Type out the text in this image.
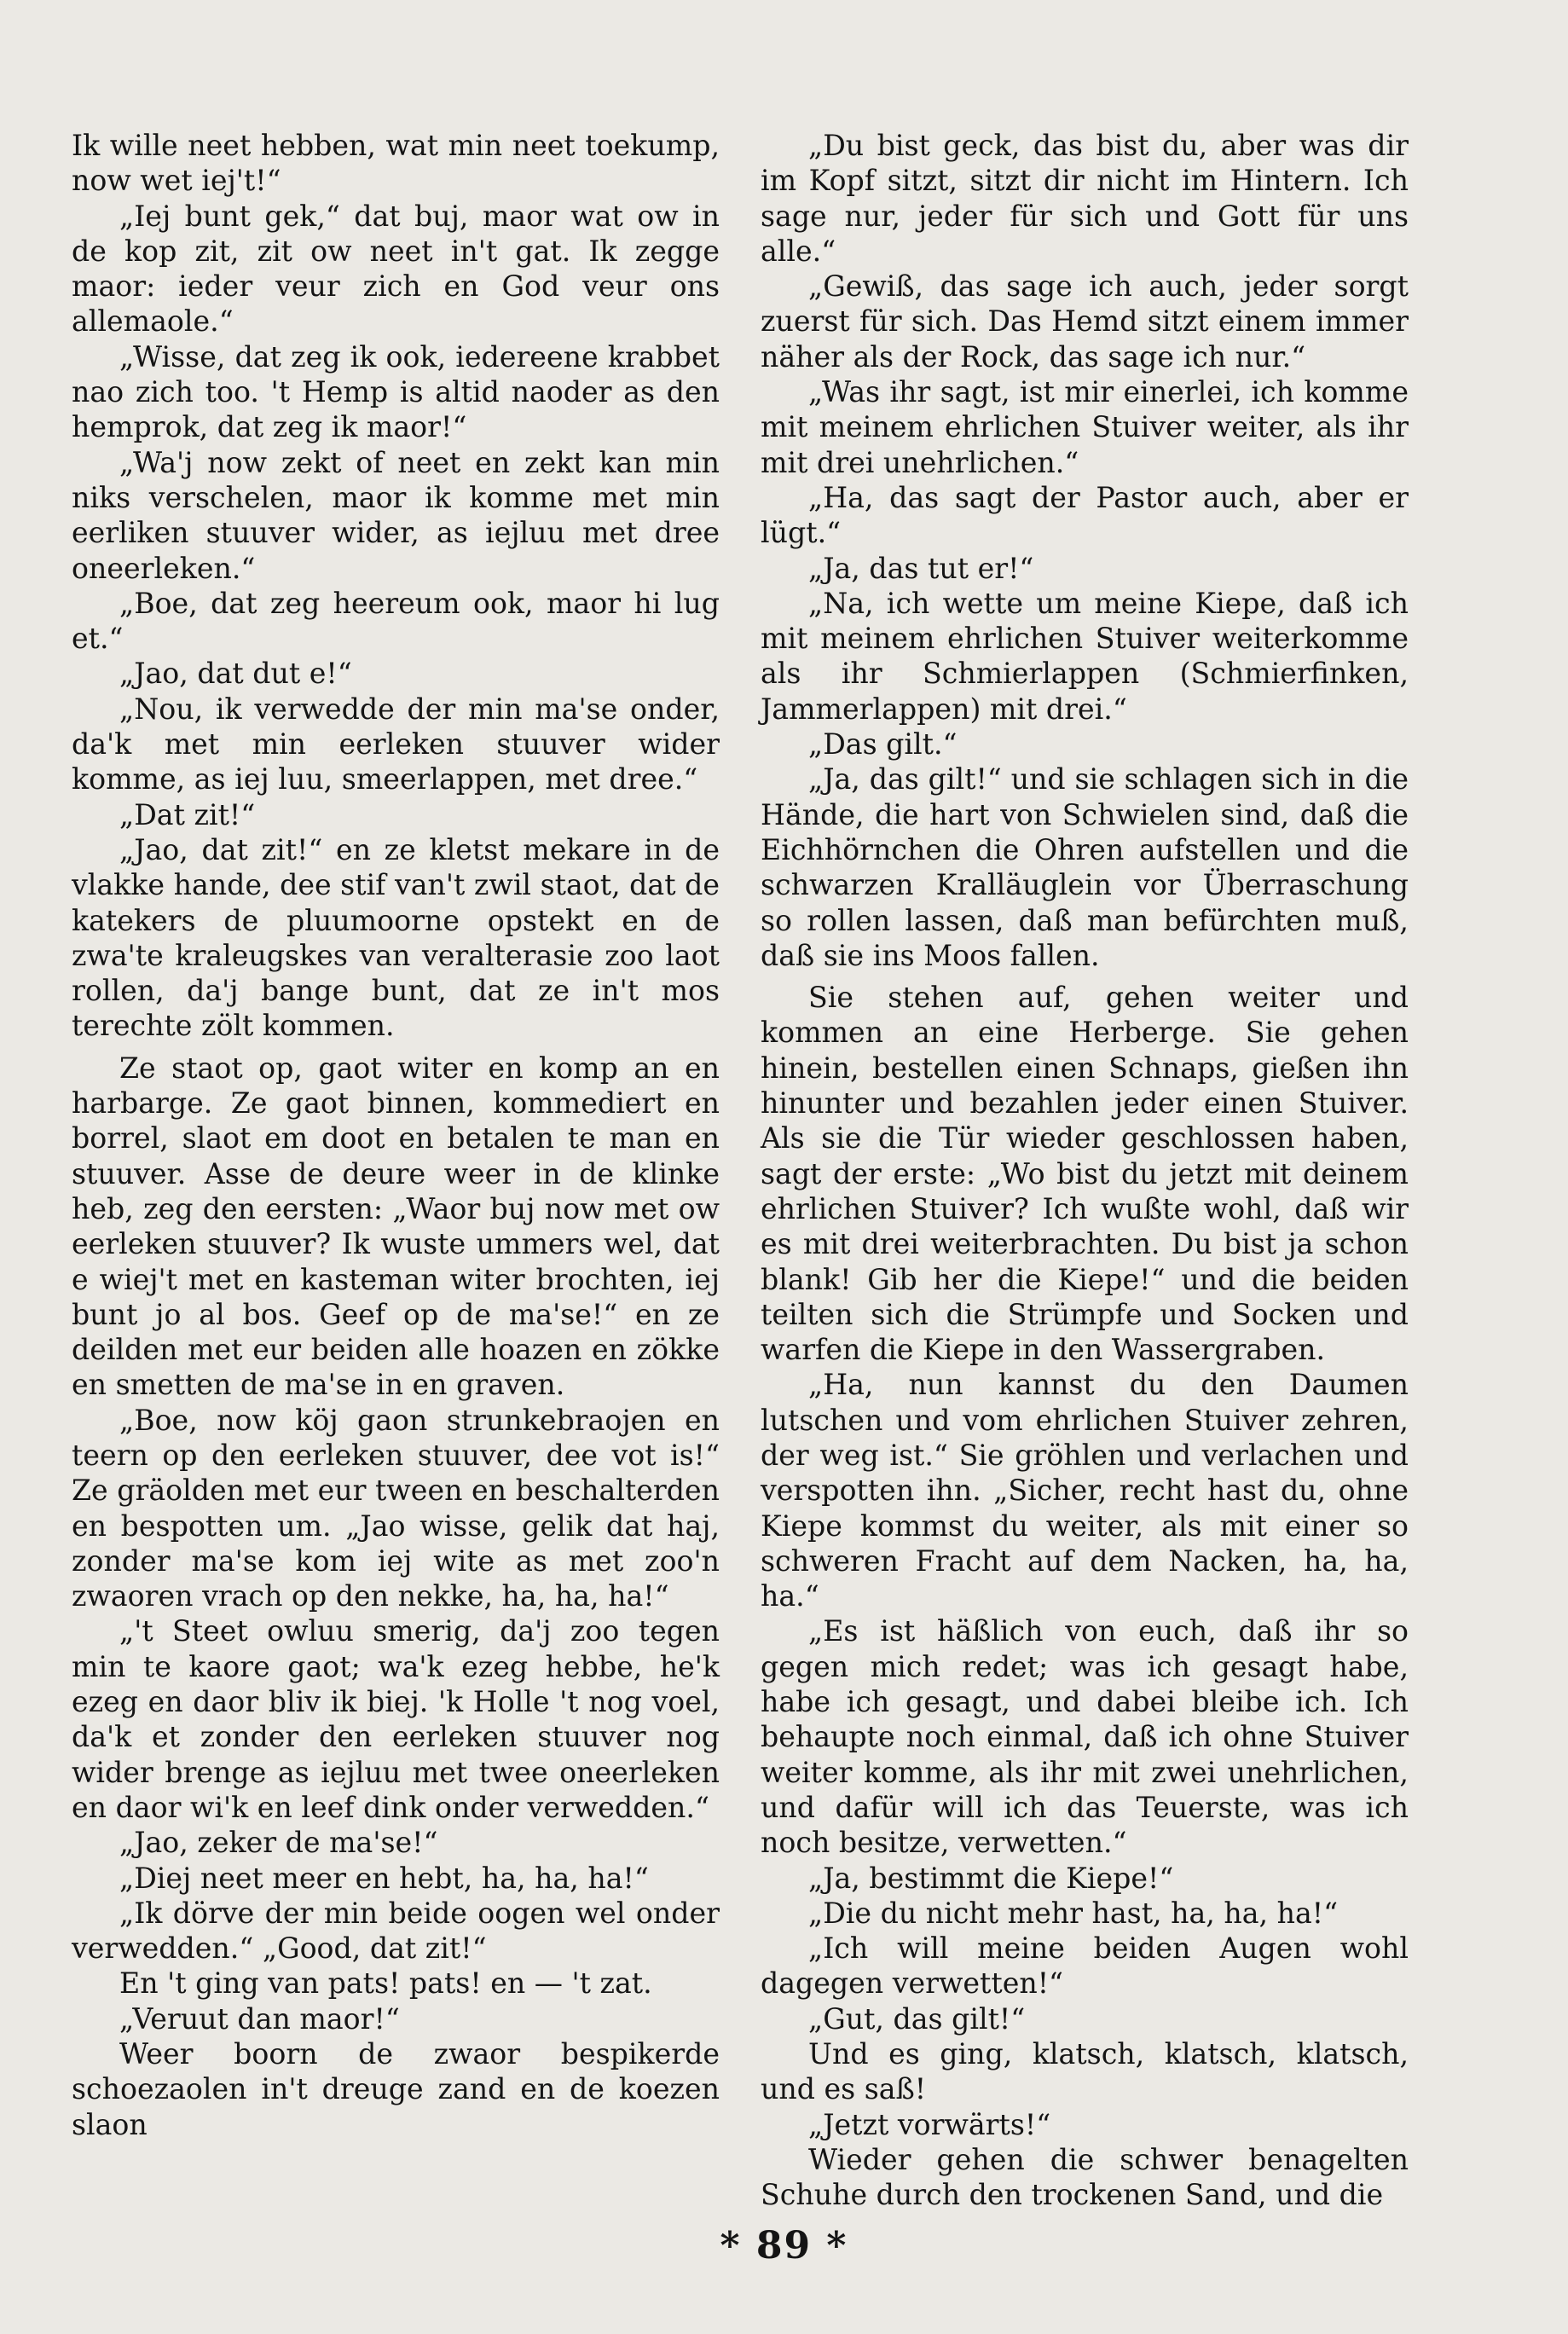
Ik wille neet hebben, wat min neet toekump, now wet iej't!“

„Iej bunt gek,“ dat buj, maor wat ow in de kop zit, zit ow neet in't gat. Ik zegge maor: ieder veur zich en God veur ons allemaole.“

„Wisse, dat zeg ik ook, iedereene krabbet nao zich too. 't Hemp is altid naoder as den hemprok, dat zeg ik maor!“

„Wa'j now zekt of neet en zekt kan min niks verschelen, maor ik komme met min eerliken stuuver wider, as iejluu met dree oneerleken.“

„Boe, dat zeg heereum ook, maor hi lug et.“

„Jao, dat dut e!“

„Nou, ik verwedde der min ma'se onder, da'k met min eerleken stuuver wider komme, as iej luu, smeerlappen, met dree.“

„Dat zit!“

„Jao, dat zit!“ en ze kletst mekare in de vlakke hande, dee stif van't zwil staot, dat de katekers de pluumoorne opstekt en de zwa'te kraleugskes van veralterasie zoo laot rollen, da'j bange bunt, dat ze in't mos terechte zölt kommen.

Ze staot op, gaot witer en komp an en harbarge. Ze gaot binnen, kommediert en borrel, slaot em doot en betalen te man en stuuver. Asse de deure weer in de klinke heb, zeg den eersten: „Waor buj now met ow eerleken stuuver? Ik wuste ummers wel, dat e wiej't met en kasteman witer brochten, iej bunt jo al bos. Geef op de ma'se!“ en ze deilden met eur beiden alle hoazen en zökke en smetten de ma'se in en graven.

„Boe, now köj gaon strunkebraojen en teern op den eerleken stuuver, dee vot is!“ Ze gräolden met eur tween en beschalterden en bespotten um. „Jao wisse, gelik dat haj, zonder ma'se kom iej wite as met zoo'n zwaoren vrach op den nekke, ha, ha, ha!“

„'t Steet owluu smerig, da'j zoo tegen min te kaore gaot; wa'k ezeg hebbe, he'k ezeg en daor bliv ik biej. 'k Holle 't nog voel, da'k et zonder den eerleken stuuver nog wider brenge as iejluu met twee oneerleken en daor wi'k en leef dink onder verwedden.“

„Jao, zeker de ma'se!“

„Diej neet meer en hebt, ha, ha, ha!“

„Ik dörve der min beide oogen wel onder verwedden.“ „Good, dat zit!“

En 't ging van pats! pats! en — 't zat.

„Veruut dan maor!“

Weer boorn de zwaor bespikerde schoezaolen in't dreuge zand en de koezen slaon

„Du bist geck, das bist du, aber was dir im Kopf sitzt, sitzt dir nicht im Hintern. Ich sage nur, jeder für sich und Gott für uns alle.“

„Gewiß, das sage ich auch, jeder sorgt zuerst für sich. Das Hemd sitzt einem immer näher als der Rock, das sage ich nur.“

„Was ihr sagt, ist mir einerlei, ich komme mit meinem ehrlichen Stuiver weiter, als ihr mit drei unehrlichen.“

„Ha, das sagt der Pastor auch, aber er lügt.“

„Ja, das tut er!“

„Na, ich wette um meine Kiepe, daß ich mit meinem ehrlichen Stuiver weiterkomme als ihr Schmierlappen (Schmierfinken, Jammerlappen) mit drei.“

„Das gilt.“

„Ja, das gilt!“ und sie schlagen sich in die Hände, die hart von Schwielen sind, daß die Eichhörnchen die Ohren aufstellen und die schwarzen Kralläuglein vor Überraschung so rollen lassen, daß man befürchten muß, daß sie ins Moos fallen.

Sie stehen auf, gehen weiter und kommen an eine Herberge. Sie gehen hinein, bestellen einen Schnaps, gießen ihn hinunter und bezahlen jeder einen Stuiver. Als sie die Tür wieder geschlossen haben, sagt der erste: „Wo bist du jetzt mit deinem ehrlichen Stuiver? Ich wußte wohl, daß wir es mit drei weiterbrachten. Du bist ja schon blank! Gib her die Kiepe!“ und die beiden teilten sich die Strümpfe und Socken und warfen die Kiepe in den Wassergraben.

„Ha, nun kannst du den Daumen lutschen und vom ehrlichen Stuiver zehren, der weg ist.“ Sie gröhlen und verlachen und verspotten ihn. „Sicher, recht hast du, ohne Kiepe kommst du weiter, als mit einer so schweren Fracht auf dem Nacken, ha, ha, ha.“

„Es ist häßlich von euch, daß ihr so gegen mich redet; was ich gesagt habe, habe ich gesagt, und dabei bleibe ich. Ich behaupte noch einmal, daß ich ohne Stuiver weiter komme, als ihr mit zwei unehrlichen, und dafür will ich das Teuerste, was ich noch besitze, verwetten.“

„Ja, bestimmt die Kiepe!“

„Die du nicht mehr hast, ha, ha, ha!“

„Ich will meine beiden Augen wohl dagegen verwetten!“

„Gut, das gilt!“

Und es ging, klatsch, klatsch, klatsch, und es saß!

„Jetzt vorwärts!“

Wieder gehen die schwer benagelten Schuhe durch den trockenen Sand, und die

* 89 *
